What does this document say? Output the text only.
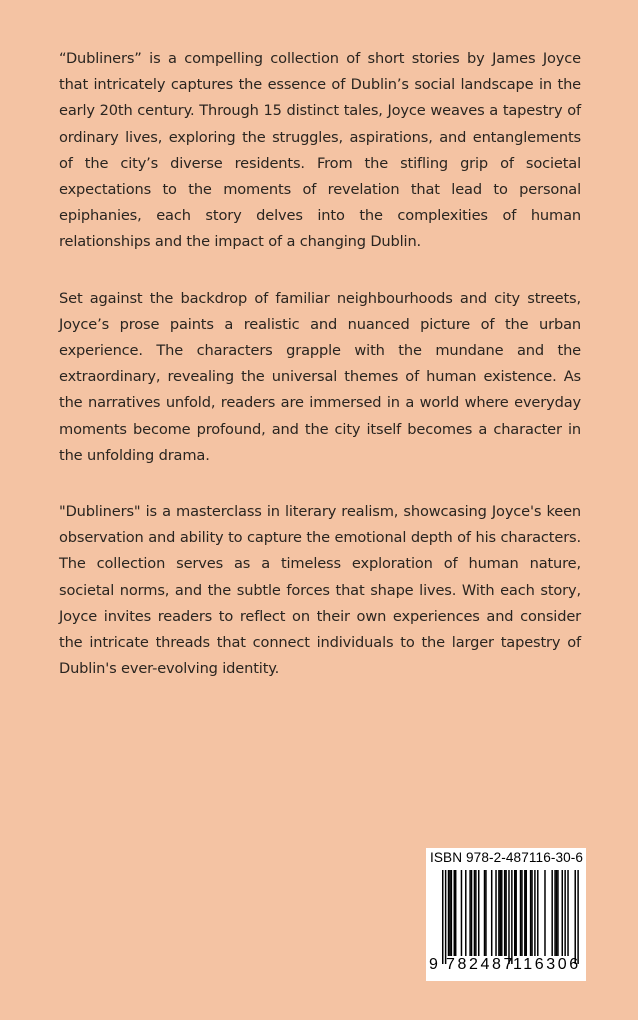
“Dubliners” is a compelling collection of short stories by James Joyce that intricately captures the essence of Dublin’s social landscape in the early 20th century. Through 15 distinct tales, Joyce weaves a tapestry of ordinary lives, exploring the struggles, aspirations, and entanglements of the city’s diverse residents. From the stifling grip of societal expectations to the moments of revelation that lead to personal epiphanies, each story delves into the complexities of human relationships and the impact of a changing Dublin.

Set against the backdrop of familiar neighbourhoods and city streets, Joyce’s prose paints a realistic and nuanced picture of the urban experience. The characters grapple with the mundane and the extraordinary, revealing the universal themes of human existence. As the narratives unfold, readers are immersed in a world where everyday moments become profound, and the city itself becomes a character in the unfolding drama.

"Dubliners" is a masterclass in literary realism, showcasing Joyce's keen observation and ability to capture the emotional depth of his characters. The collection serves as a timeless exploration of human nature, societal norms, and the subtle forces that shape lives. With each story, Joyce invites readers to reflect on their own experiences and consider the intricate threads that connect individuals to the larger tapestry of Dublin's ever-evolving identity.

ISBN 978-2-487116-30-6
9 782487
116306
